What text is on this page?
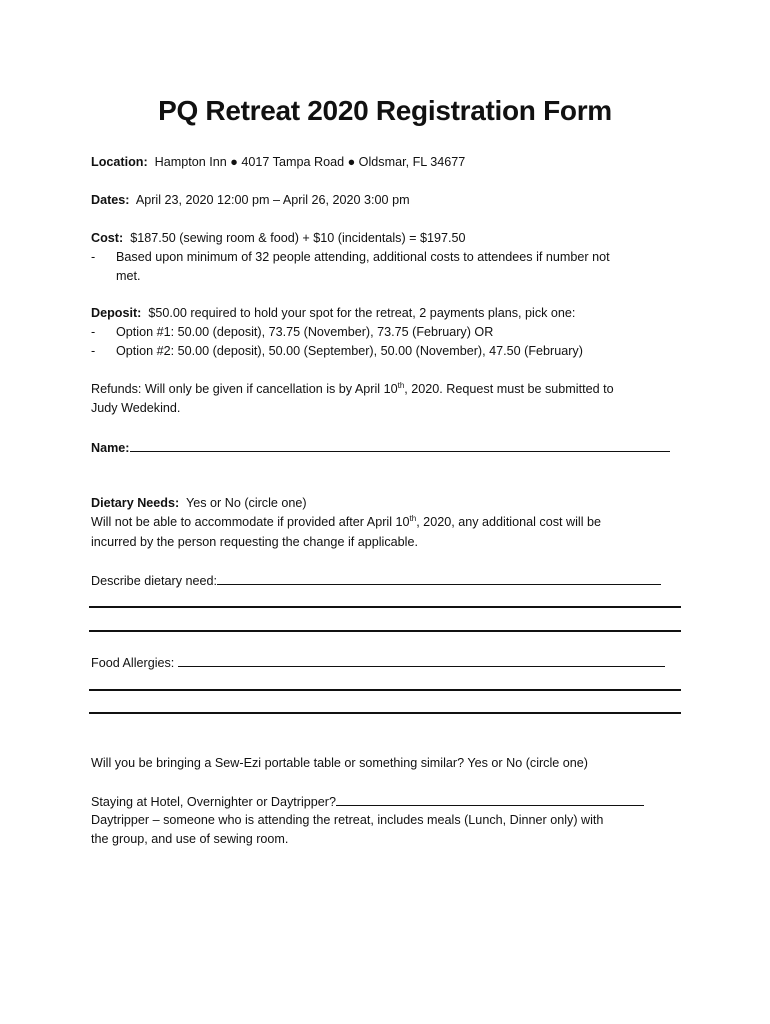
PQ Retreat 2020 Registration Form
Location: Hampton Inn ● 4017 Tampa Road ● Oldsmar, FL 34677
Dates: April 23, 2020 12:00 pm – April 26, 2020 3:00 pm
Cost: $187.50 (sewing room & food) + $10 (incidentals) = $197.50
- Based upon minimum of 32 people attending, additional costs to attendees if number not
met.
Deposit: $50.00 required to hold your spot for the retreat, 2 payments plans, pick one:
- Option #1: 50.00 (deposit), 73.75 (November), 73.75 (February) OR
- Option #2: 50.00 (deposit), 50.00 (September), 50.00 (November), 47.50 (February)
Refunds: Will only be given if cancellation is by April 10th, 2020. Request must be submitted to
Judy Wedekind.
Name:
Dietary Needs: Yes or No (circle one)
Will not be able to accommodate if provided after April 10th, 2020, any additional cost will be
incurred by the person requesting the change if applicable.
Describe dietary need:
Food Allergies:
Will you be bringing a Sew-Ezi portable table or something similar? Yes or No (circle one)
Staying at Hotel, Overnighter or Daytripper?
Daytripper – someone who is attending the retreat, includes meals (Lunch, Dinner only) with
the group, and use of sewing room.
